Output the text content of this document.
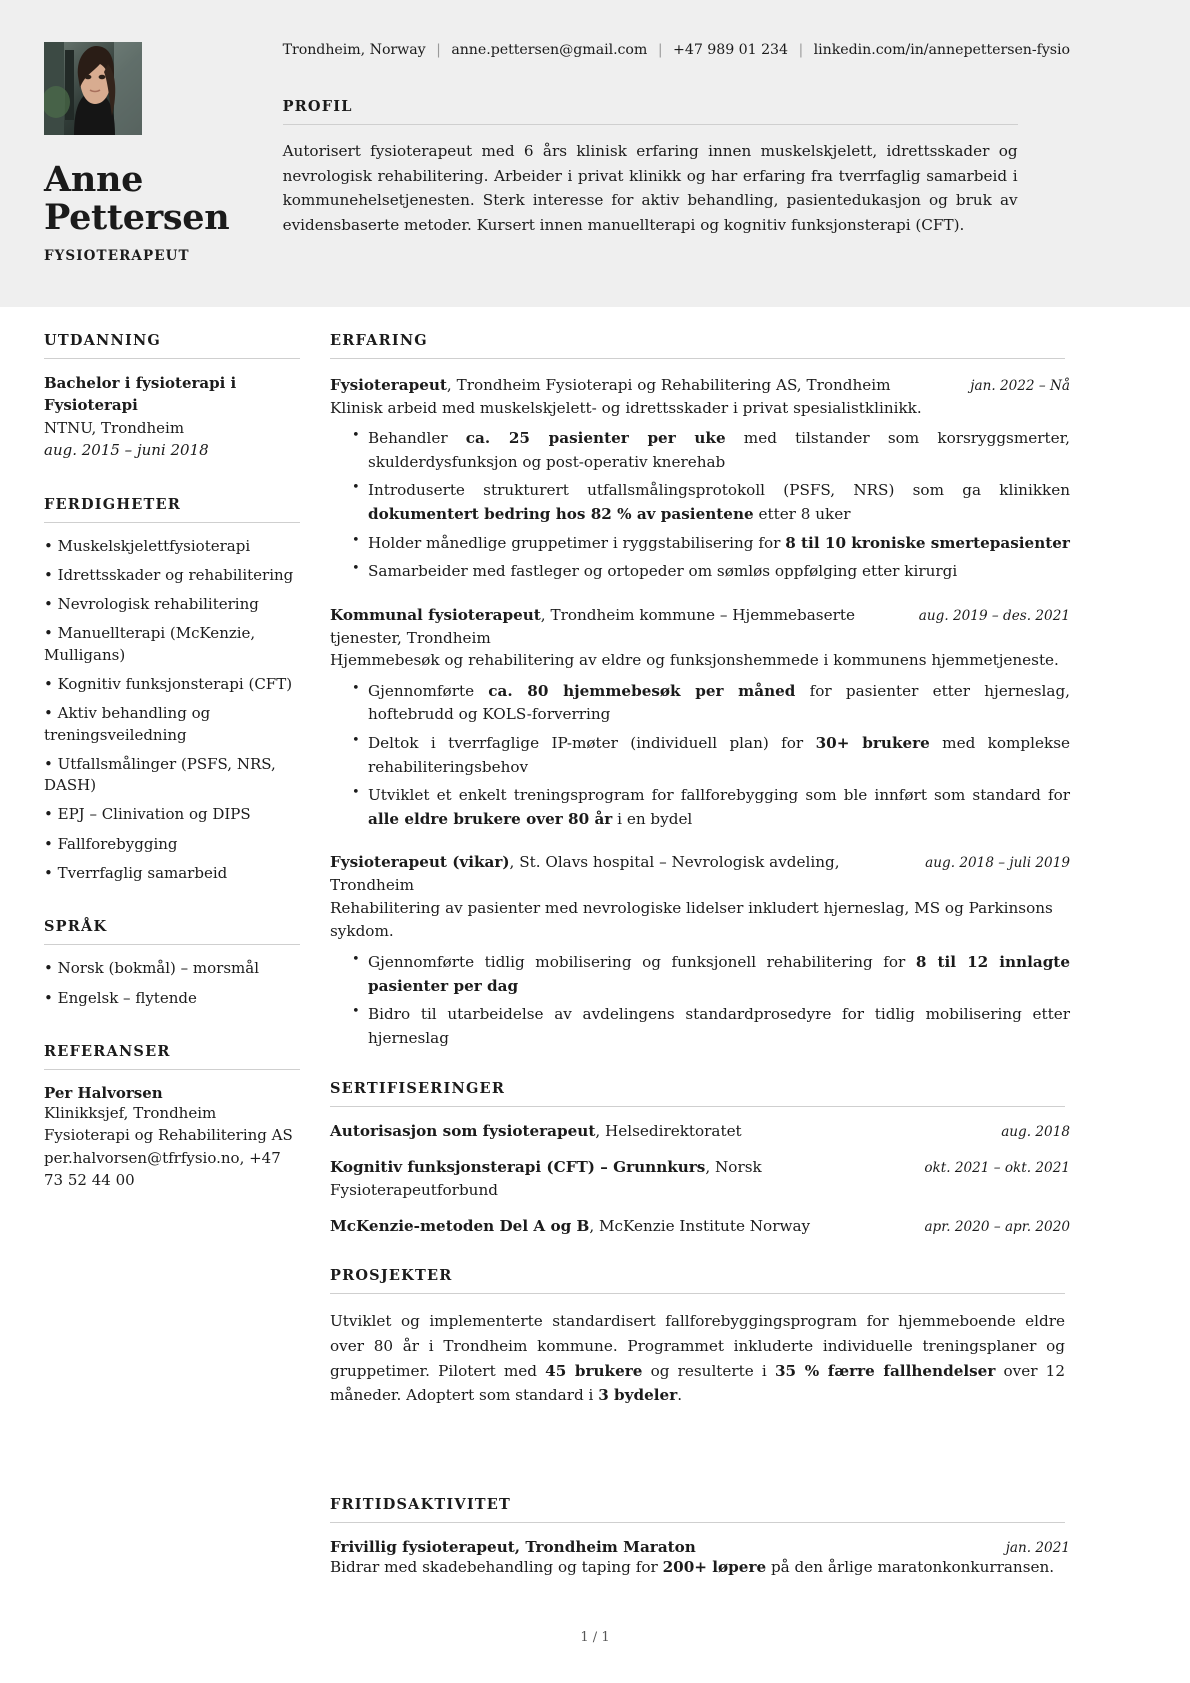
Anne
Pettersen
FYSIOTERAPEUT
Trondheim, Norway | anne.pettersen@gmail.com | +47 989 01 234 | linkedin.com/in/annepettersen-fysio
PROFIL
Autorisert fysioterapeut med 6 års klinisk erfaring innen muskelskjelett, idrettsskader og nevrologisk rehabilitering. Arbeider i privat klinikk og har erfaring fra tverrfaglig samarbeid i kommunehelsetjenesten. Sterk interesse for aktiv behandling, pasientedukasjon og bruk av evidensbaserte metoder. Kursert innen manuellterapi og kognitiv funksjonsterapi (CFT).
UTDANNING
Bachelor i fysioterapi i Fysioterapi
NTNU, Trondheim
aug. 2015 – juni 2018
FERDIGHETER
• Muskelskjelettfysioterapi
• Idrettsskader og rehabilitering
• Nevrologisk rehabilitering
• Manuellterapi (McKenzie, Mulligans)
• Kognitiv funksjonsterapi (CFT)
• Aktiv behandling og treningsveiledning
• Utfallsmålinger (PSFS, NRS, DASH)
• EPJ – Clinivation og DIPS
• Fallforebygging
• Tverrfaglig samarbeid
SPRÅK
• Norsk (bokmål) – morsmål
• Engelsk – flytende
REFERANSER
Per Halvorsen
Klinikksjef, Trondheim Fysioterapi og Rehabilitering AS
per.halvorsen@tfrfysio.no, +47 73 52 44 00
ERFARING
Fysioterapeut, Trondheim Fysioterapi og Rehabilitering AS, Trondheim	jan. 2022 – Nå
Klinisk arbeid med muskelskjelett- og idrettsskader i privat spesialistklinikk.
• Behandler ca. 25 pasienter per uke med tilstander som korsryggsmerter, skulderdysfunksjon og post-operativ knerehab
• Introduserte strukturert utfallsmålingsprotokoll (PSFS, NRS) som ga klinikken dokumentert bedring hos 82 % av pasientene etter 8 uker
• Holder månedlige gruppetimer i ryggstabilisering for 8 til 10 kroniske smertepasienter
• Samarbeider med fastleger og ortopeder om sømløs oppfølging etter kirurgi
Kommunal fysioterapeut, Trondheim kommune – Hjemmebaserte tjenester, Trondheim
aug. 2019 – des. 2021
Hjemmebesøk og rehabilitering av eldre og funksjonshemmede i kommunens hjemmetjeneste.
• Gjennomførte ca. 80 hjemmebesøk per måned for pasienter etter hjerneslag, hoftebrudd og KOLS-forverring
• Deltok i tverrfaglige IP-møter (individuell plan) for 30+ brukere med komplekse rehabiliteringsbehov
• Utviklet et enkelt treningsprogram for fallforebygging som ble innført som standard for alle eldre brukere over 80 år i en bydel
Fysioterapeut (vikar), St. Olavs hospital – Nevrologisk avdeling, Trondheim
aug. 2018 – juli 2019
Rehabilitering av pasienter med nevrologiske lidelser inkludert hjerneslag, MS og Parkinsons sykdom.
• Gjennomførte tidlig mobilisering og funksjonell rehabilitering for 8 til 12 innlagte pasienter per dag
• Bidro til utarbeidelse av avdelingens standardprosedyre for tidlig mobilisering etter hjerneslag
SERTIFISERINGER
Autorisasjon som fysioterapeut, Helsedirektoratet	aug. 2018
Kognitiv funksjonsterapi (CFT) – Grunnkurs, Norsk Fysioterapeutforbund
okt. 2021 – okt. 2021
McKenzie-metoden Del A og B, McKenzie Institute Norway	apr. 2020 – apr. 2020
PROSJEKTER
Utviklet og implementerte standardisert fallforebyggingsprogram for hjemmeboende eldre over 80 år i Trondheim kommune. Programmet inkluderte individuelle treningsplaner og gruppetimer. Pilotert med 45 brukere og resulterte i 35 % færre fallhendelser over 12 måneder. Adoptert som standard i 3 bydeler.
FRITIDSAKTIVITET
Frivillig fysioterapeut, Trondheim Maraton	jan. 2021
Bidrar med skadebehandling og taping for 200+ løpere på den årlige maratonkonkurransen.
1 / 1
